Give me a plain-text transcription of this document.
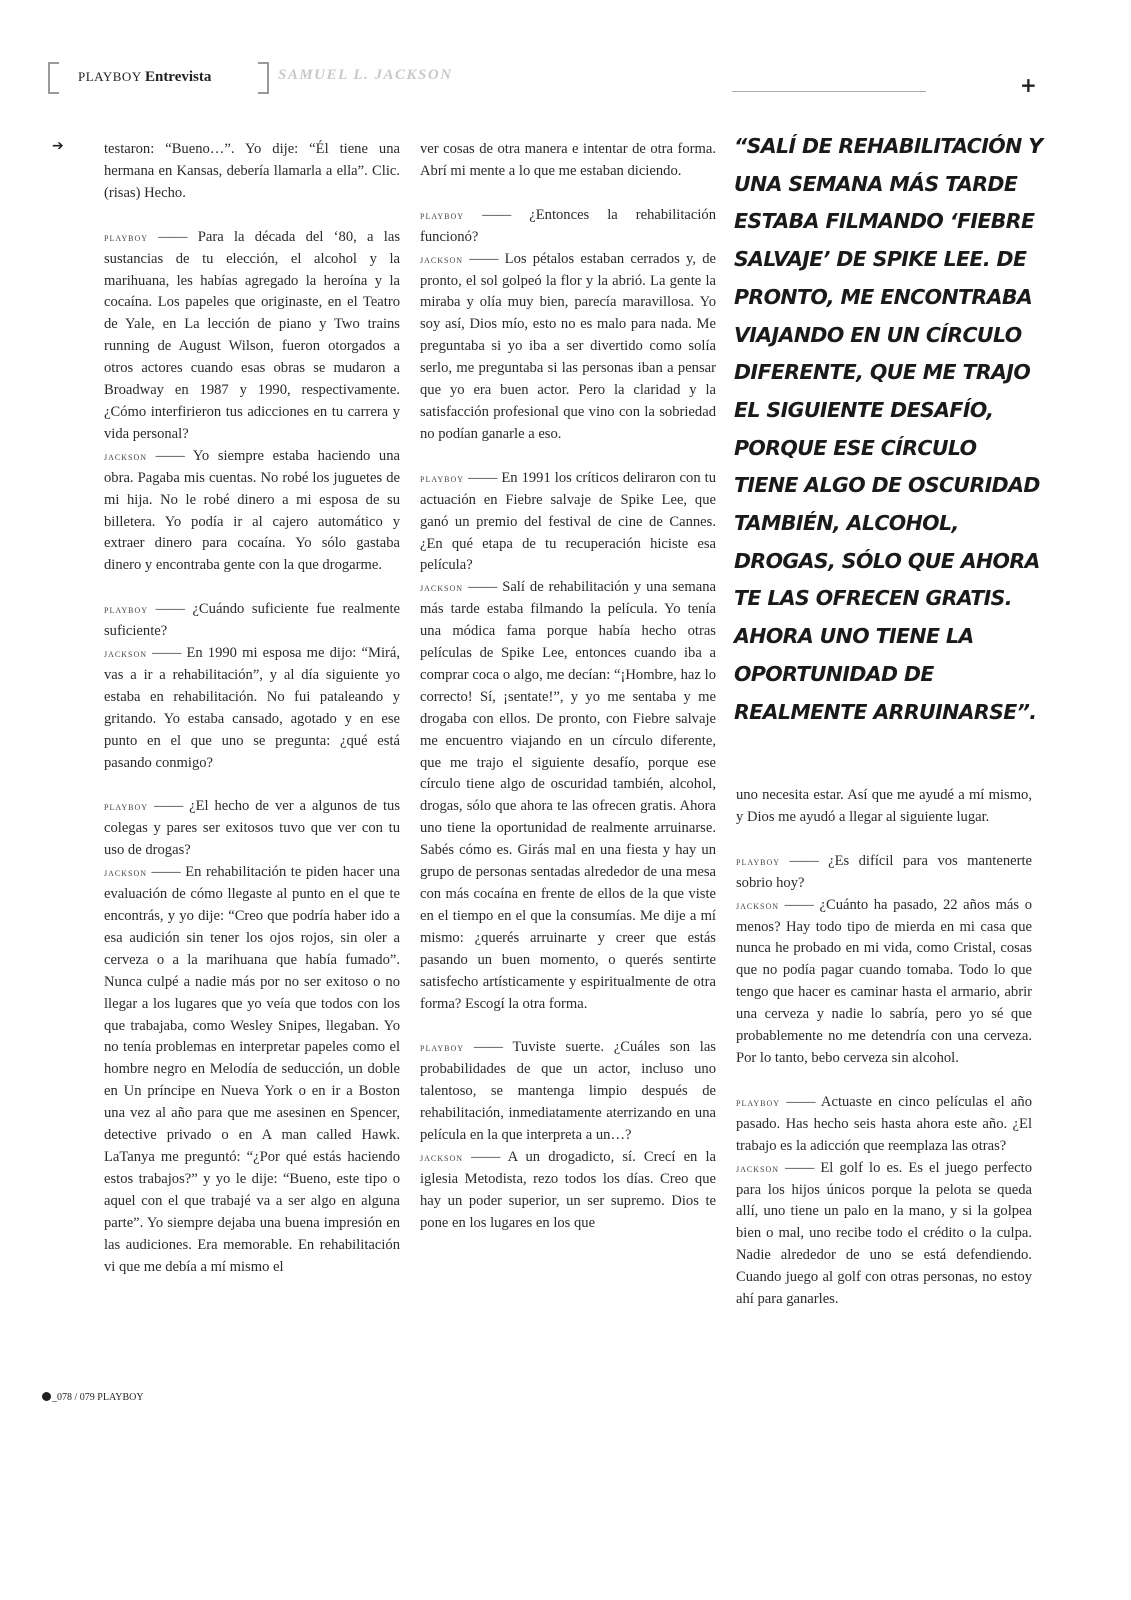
PLAYBOY Entrevista	SAMUEL L. JACKSON	+
➔	testaron: “Bueno…”. Yo dije: “Él tiene una hermana en Kansas, debería llamarla a ella”. Clic. (risas) Hecho.

playboy —— Para la década del ‘80, a las sustancias de tu elección, el alcohol y la marihuana, les habías agregado la heroína y la cocaína. Los papeles que originaste, en el Teatro de Yale, en La lección de piano y Two trains running de August Wilson, fueron otorgados a otros actores cuando esas obras se mudaron a Broadway en 1987 y 1990, respectivamente. ¿Cómo interfirieron tus adicciones en tu carrera y vida personal?

jackson —— Yo siempre estaba haciendo una obra. Pagaba mis cuentas. No robé los juguetes de mi hija. No le robé dinero a mi esposa de su billetera. Yo podía ir al cajero automático y extraer dinero para cocaína. Yo sólo gastaba dinero y encontraba gente con la que drogarme.

playboy —— ¿Cuándo suficiente fue realmente suficiente?

jackson —— En 1990 mi esposa me dijo: “Mirá, vas a ir a rehabilitación”, y al día siguiente yo estaba en rehabilitación. No fui pataleando y gritando. Yo estaba cansado, agotado y en ese punto en el que uno se pregunta: ¿qué está pasando conmigo?

playboy —— ¿El hecho de ver a algunos de tus colegas y pares ser exitosos tuvo que ver con tu uso de drogas?

jackson —— En rehabilitación te piden hacer una evaluación de cómo llegaste al punto en el que te encontrás, y yo dije: “Creo que podría haber ido a esa audición sin tener los ojos rojos, sin oler a cerveza o a la marihuana que había fumado”. Nunca culpé a nadie más por no ser exitoso o no llegar a los lugares que yo veía que todos con los que trabajaba, como Wesley Snipes, llegaban. Yo no tenía problemas en interpretar papeles como el hombre negro en Melodía de seducción, un doble en Un príncipe en Nueva York o en ir a Boston una vez al año para que me asesinen en Spencer, detective privado o en A man called Hawk. LaTanya me preguntó: “¿Por qué estás haciendo estos trabajos?” y yo le dije: “Bueno, este tipo o aquel con el que trabajé va a ser algo en alguna parte”. Yo siempre dejaba una buena impresión en las audiciones. Era memorable. En rehabilitación vi que me debía a mí mismo el

ver cosas de otra manera e intentar de otra forma. Abrí mi mente a lo que me estaban diciendo.

playboy —— ¿Entonces la rehabilitación funcionó?

jackson —— Los pétalos estaban cerrados y, de pronto, el sol golpeó la flor y la abrió. La gente la miraba y olía muy bien, parecía maravillosa. Yo soy así, Dios mío, esto no es malo para nada. Me preguntaba si yo iba a ser divertido como solía serlo, me preguntaba si las personas iban a pensar que yo era buen actor. Pero la claridad y la satisfacción profesional que vino con la sobriedad no podían ganarle a eso.

playboy —— En 1991 los críticos deliraron con tu actuación en Fiebre salvaje de Spike Lee, que ganó un premio del festival de cine de Cannes. ¿En qué etapa de tu recuperación hiciste esa película?

jackson —— Salí de rehabilitación y una semana más tarde estaba filmando la película. Yo tenía una módica fama porque había hecho otras películas de Spike Lee, entonces cuando iba a comprar coca o algo, me decían: “¡Hombre, haz lo correcto! Sí, ¡sentate!”, y yo me sentaba y me drogaba con ellos. De pronto, con Fiebre salvaje me encuentro viajando en un círculo diferente, que me trajo el siguiente desafío, porque ese círculo tiene algo de oscuridad también, alcohol, drogas, sólo que ahora te las ofrecen gratis. Ahora uno tiene la oportunidad de realmente arruinarse. Sabés cómo es. Girás mal en una fiesta y hay un grupo de personas sentadas alrededor de una mesa con más cocaína en frente de ellos de la que viste en el tiempo en el que la consumías. Me dije a mí mismo: ¿querés arruinarte y creer que estás pasando un buen momento, o querés sentirte satisfecho artísticamente y espiritualmente de otra forma? Escogí la otra forma.

playboy —— Tuviste suerte. ¿Cuáles son las probabilidades de que un actor, incluso uno talentoso, se mantenga limpio después de rehabilitación, inmediatamente aterrizando en una película en la que interpreta a un…?

jackson —— A un drogadicto, sí. Crecí en la iglesia Metodista, rezo todos los días. Creo que hay un poder superior, un ser supremo. Dios te pone en los lugares en los que

“SALÍ DE REHABILITACIÓN Y UNA SEMANA MÁS TARDE ESTABA FILMANDO ‘FIEBRE SALVAJE’ DE SPIKE LEE. DE PRONTO, ME ENCONTRABA VIAJANDO EN UN CÍRCULO DIFERENTE, QUE ME TRAJO EL SIGUIENTE DESAFÍO, PORQUE ESE CÍRCULO TIENE ALGO DE OSCURIDAD TAMBIÉN, ALCOHOL, DROGAS, SÓLO QUE AHORA TE LAS OFRECEN GRATIS. AHORA UNO TIENE LA OPORTUNIDAD DE REALMENTE ARRUINARSE”.

uno necesita estar. Así que me ayudé a mí mismo, y Dios me ayudó a llegar al siguiente lugar.

playboy —— ¿Es difícil para vos mantenerte sobrio hoy?

jackson —— ¿Cuánto ha pasado, 22 años más o menos? Hay todo tipo de mierda en mi casa que nunca he probado en mi vida, como Cristal, cosas que no podía pagar cuando tomaba. Todo lo que tengo que hacer es caminar hasta el armario, abrir una cerveza y nadie lo sabría, pero yo sé que probablemente no me detendría con una cerveza. Por lo tanto, bebo cerveza sin alcohol.

playboy —— Actuaste en cinco películas el año pasado. Has hecho seis hasta ahora este año. ¿El trabajo es la adicción que reemplaza las otras?

jackson —— El golf lo es. Es el juego perfecto para los hijos únicos porque la pelota se queda allí, uno tiene un palo en la mano, y si la golpea bien o mal, uno recibe todo el crédito o la culpa. Nadie alrededor de uno se está defendiendo. Cuando juego al golf con otras personas, no estoy ahí para ganarles.

_078 / 079 PLAYBOY
